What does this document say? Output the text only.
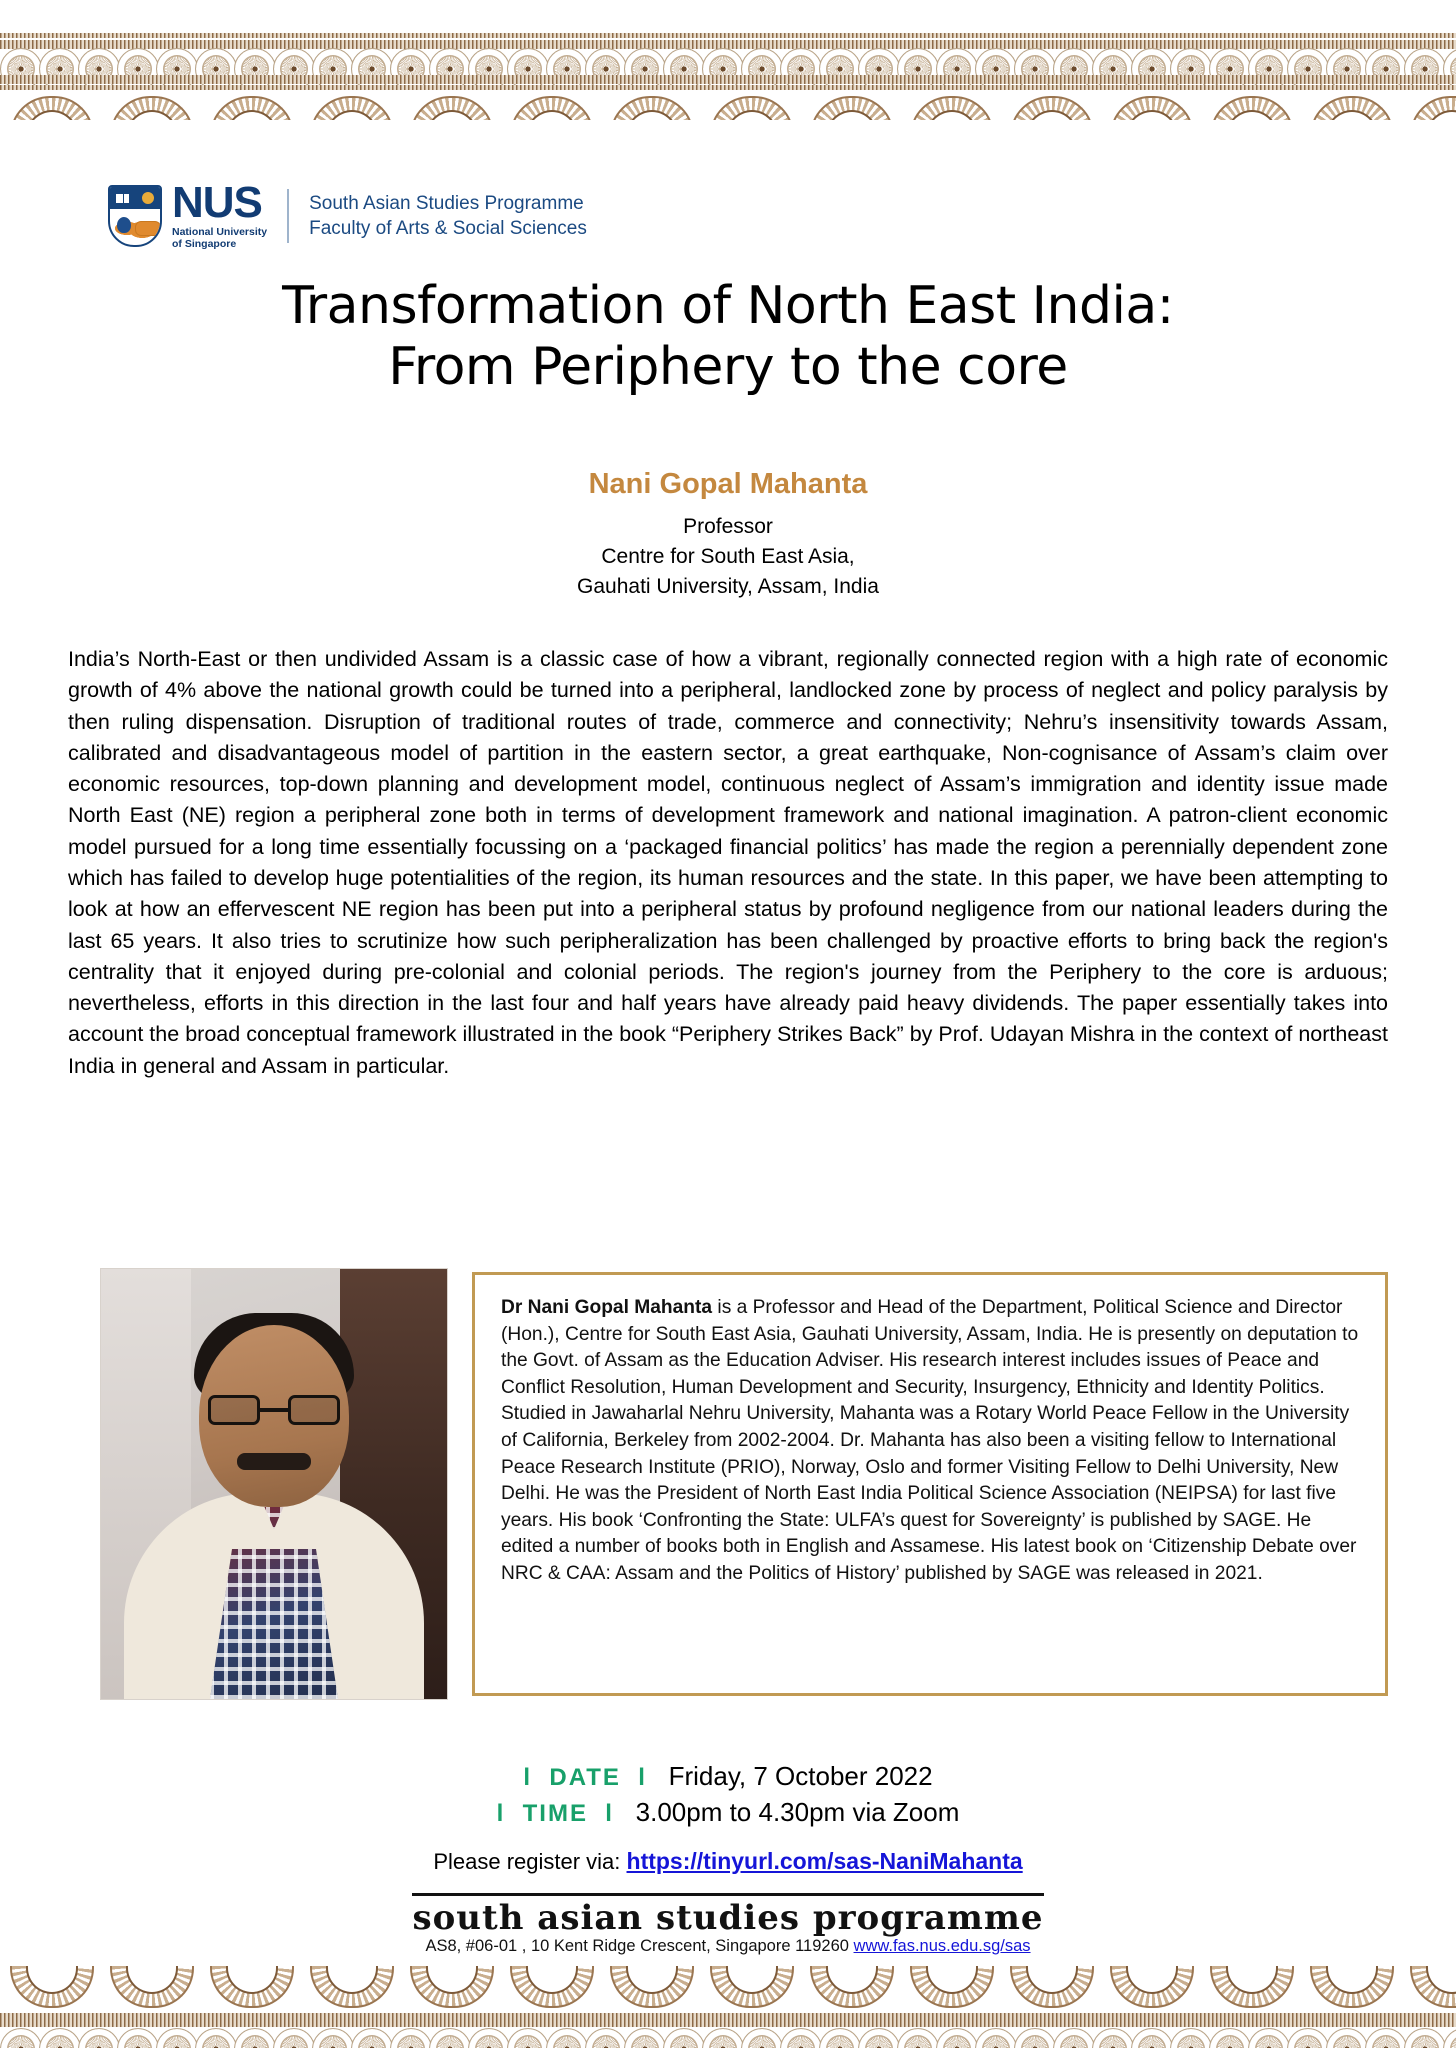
NUS
National University
of Singapore
South Asian Studies Programme
Faculty of Arts & Social Sciences
Transformation of North East India:
From Periphery to the core
Nani Gopal Mahanta
Professor
Centre for South East Asia,
Gauhati University, Assam, India
India’s North-East or then undivided Assam is a classic case of how a vibrant, regionally connected region with a high rate of economic growth of 4% above the national growth could be turned into a peripheral, landlocked zone by process of neglect and policy paralysis by then ruling dispensation. Disruption of traditional routes of trade, commerce and connectivity; Nehru’s insensitivity towards Assam, calibrated and disadvantageous model of partition in the eastern sector, a great earthquake, Non-cognisance of Assam’s claim over economic resources, top-down planning and development model, continuous neglect of Assam’s immigration and identity issue made North East (NE) region a peripheral zone both in terms of development framework and national imagination. A patron-client economic model pursued for a long time essentially focussing on a ‘packaged financial politics’ has made the region a perennially dependent zone which has failed to develop huge potentialities of the region, its human resources and the state. In this paper, we have been attempting to look at how an effervescent NE region has been put into a peripheral status by profound negligence from our national leaders during the last 65 years. It also tries to scrutinize how such peripheralization has been challenged by proactive efforts to bring back the region's centrality that it enjoyed during pre-colonial and colonial periods. The region's journey from the Periphery to the core is arduous; nevertheless, efforts in this direction in the last four and half years have already paid heavy dividends. The paper essentially takes into account the broad conceptual framework illustrated in the book “Periphery Strikes Back” by Prof. Udayan Mishra in the context of northeast India in general and Assam in particular.
Dr Nani Gopal Mahanta is a Professor and Head of the Department, Political Science and Director (Hon.), Centre for South East Asia, Gauhati University, Assam, India. He is presently on deputation to the Govt. of Assam as the Education Adviser. His research interest includes issues of Peace and Conflict Resolution, Human Development and Security, Insurgency, Ethnicity and Identity Politics. Studied in Jawaharlal Nehru University, Mahanta was a Rotary World Peace Fellow in the University of California, Berkeley from 2002-2004. Dr. Mahanta has also been a visiting fellow to International Peace Research Institute (PRIO), Norway, Oslo and former Visiting Fellow to Delhi University, New Delhi. He was the President of North East India Political Science Association (NEIPSA) for last five years. His book ‘Confronting the State: ULFA’s quest for Sovereignty’ is published by SAGE. He edited a number of books both in English and Assamese. His latest book on ‘Citizenship Debate over NRC & CAA: Assam and the Politics of History’ published by SAGE was released in 2021.
l  DATE  l Friday, 7 October 2022
l  TIME  l 3.00pm to 4.30pm via Zoom
Please register via: https://tinyurl.com/sas-NaniMahanta
south asian studies programme
AS8, #06-01 , 10 Kent Ridge Crescent, Singapore 119260 www.fas.nus.edu.sg/sas
